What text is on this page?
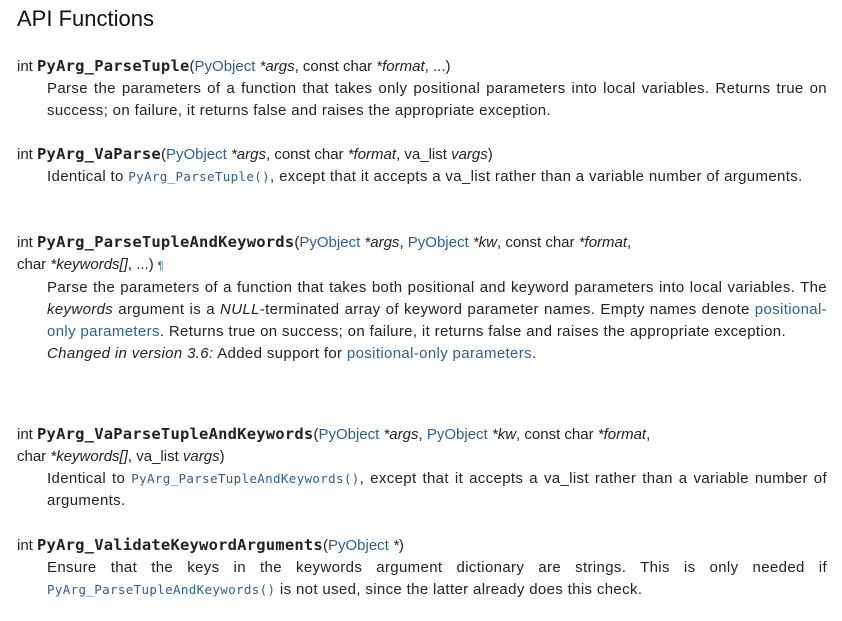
API Functions
int PyArg_ParseTuple(PyObject *args, const char *format, ...)

Parse the parameters of a function that takes only positional parameters into local variables. Returns true on success; on failure, it returns false and raises the appropriate exception.

int PyArg_VaParse(PyObject *args, const char *format, va_list vargs)

Identical to PyArg_ParseTuple(), except that it accepts a va_list rather than a variable number of arguments.

int PyArg_ParseTupleAndKeywords(PyObject *args, PyObject *kw, const char *format,
char *keywords[], ...) ¶

Parse the parameters of a function that takes both positional and keyword parameters into local variables. The keywords argument is a NULL-terminated array of keyword parameter names. Empty names denote positional-only parameters. Returns true on success; on failure, it returns false and raises the appropriate exception.

Changed in version 3.6: Added support for positional-only parameters.

int PyArg_VaParseTupleAndKeywords(PyObject *args, PyObject *kw, const char *format,
char *keywords[], va_list vargs)

Identical to PyArg_ParseTupleAndKeywords(), except that it accepts a va_list rather than a variable number of arguments.

int PyArg_ValidateKeywordArguments(PyObject *)

Ensure that the keys in the keywords argument dictionary are strings. This is only needed if PyArg_ParseTupleAndKeywords() is not used, since the latter already does this check.
